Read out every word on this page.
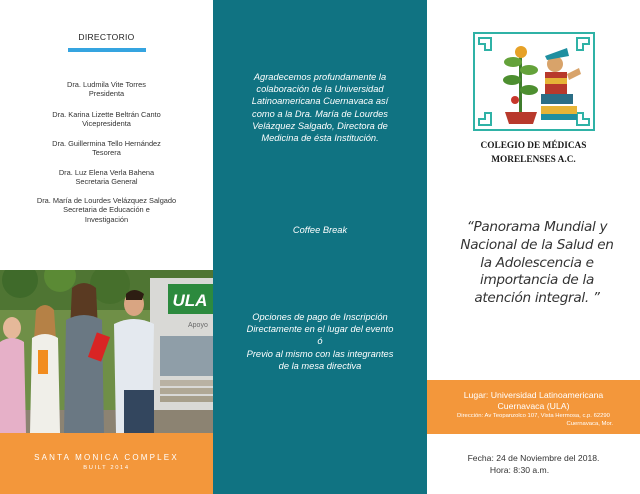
DIRECTORIO
Dra. Ludmila Vite Torres
Presidenta
Dra. Karina Lizette Beltrán Canto
Vicepresidenta
Dra. Guillermina Tello Hernández
Tesorera
Dra. Luz Elena Verla Bahena
Secretaria General
Dra. María de Lourdes Velázquez Salgado
Secretaria de Educación e
Investigación
ULA
Apoyo
SANTA MONICA COMPLEX
BUILT 2014
Agradecemos profundamente la
colaboración de la Universidad
Latinoamericana Cuernavaca así
como a la Dra. María de Lourdes
Velázquez Salgado, Directora de
Medicina de ésta Institución.
Coffee Break
Opciones de pago de Inscripción
Directamente en el lugar del evento
ó
Previo al mismo con las integrantes
de la mesa directiva
COLEGIO DE MÉDICAS
MORELENSES A.C.
“Panorama Mundial y
Nacional de la Salud en
la Adolescencia e
importancia de la
atención integral. ”
Lugar: Universidad Latinoamericana
Cuernavaca (ULA)
Dirección: Av Teopanzolco 107, Vista Hermosa, c.p. 62290
Cuernavaca, Mor.
Fecha: 24 de Noviembre del 2018.
Hora: 8:30 a.m.
